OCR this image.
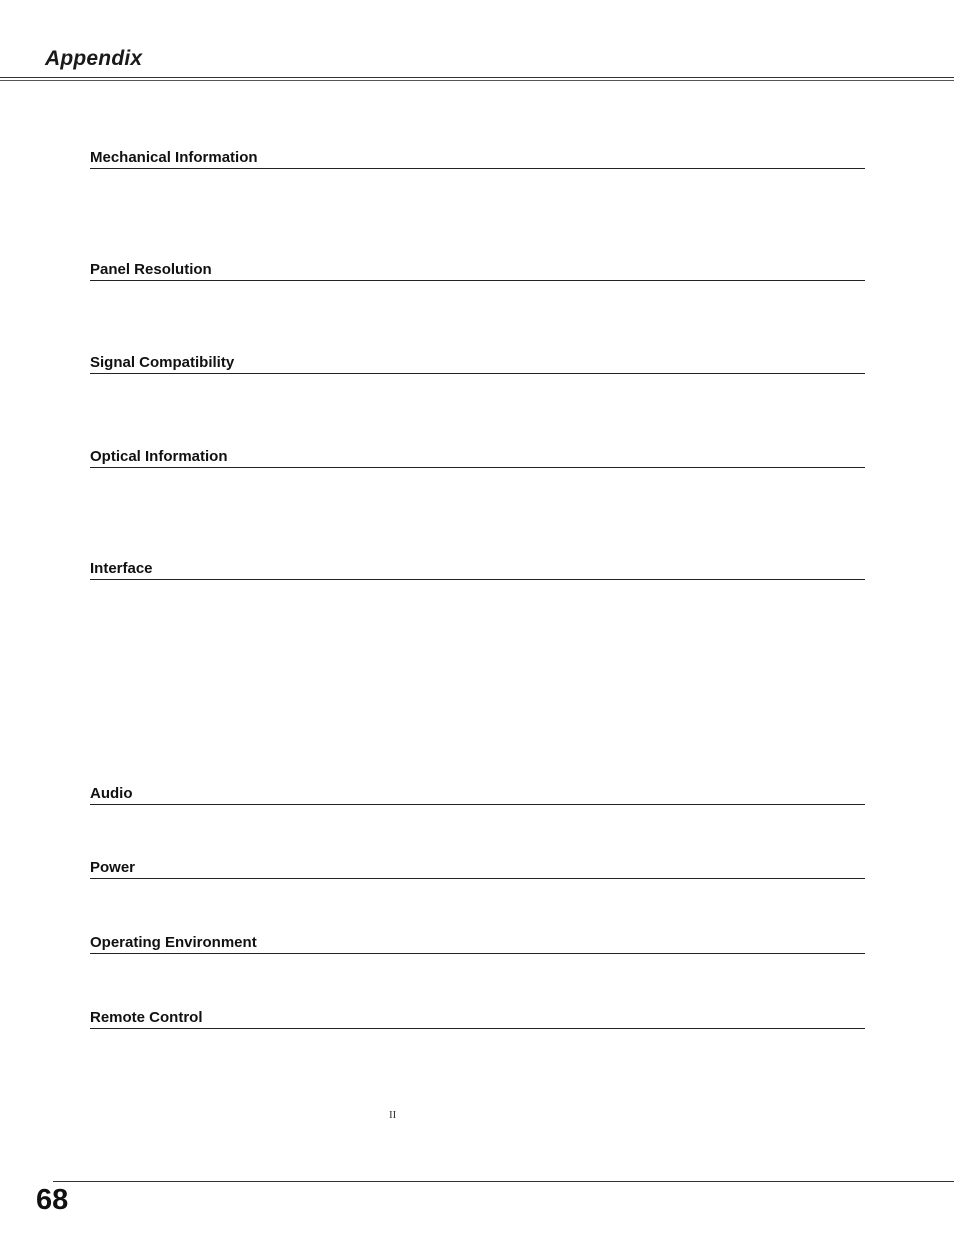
Appendix
Mechanical Information
Panel Resolution
Signal Compatibility
Optical Information
Interface
Audio
Power
Operating Environment
Remote Control
II
68
